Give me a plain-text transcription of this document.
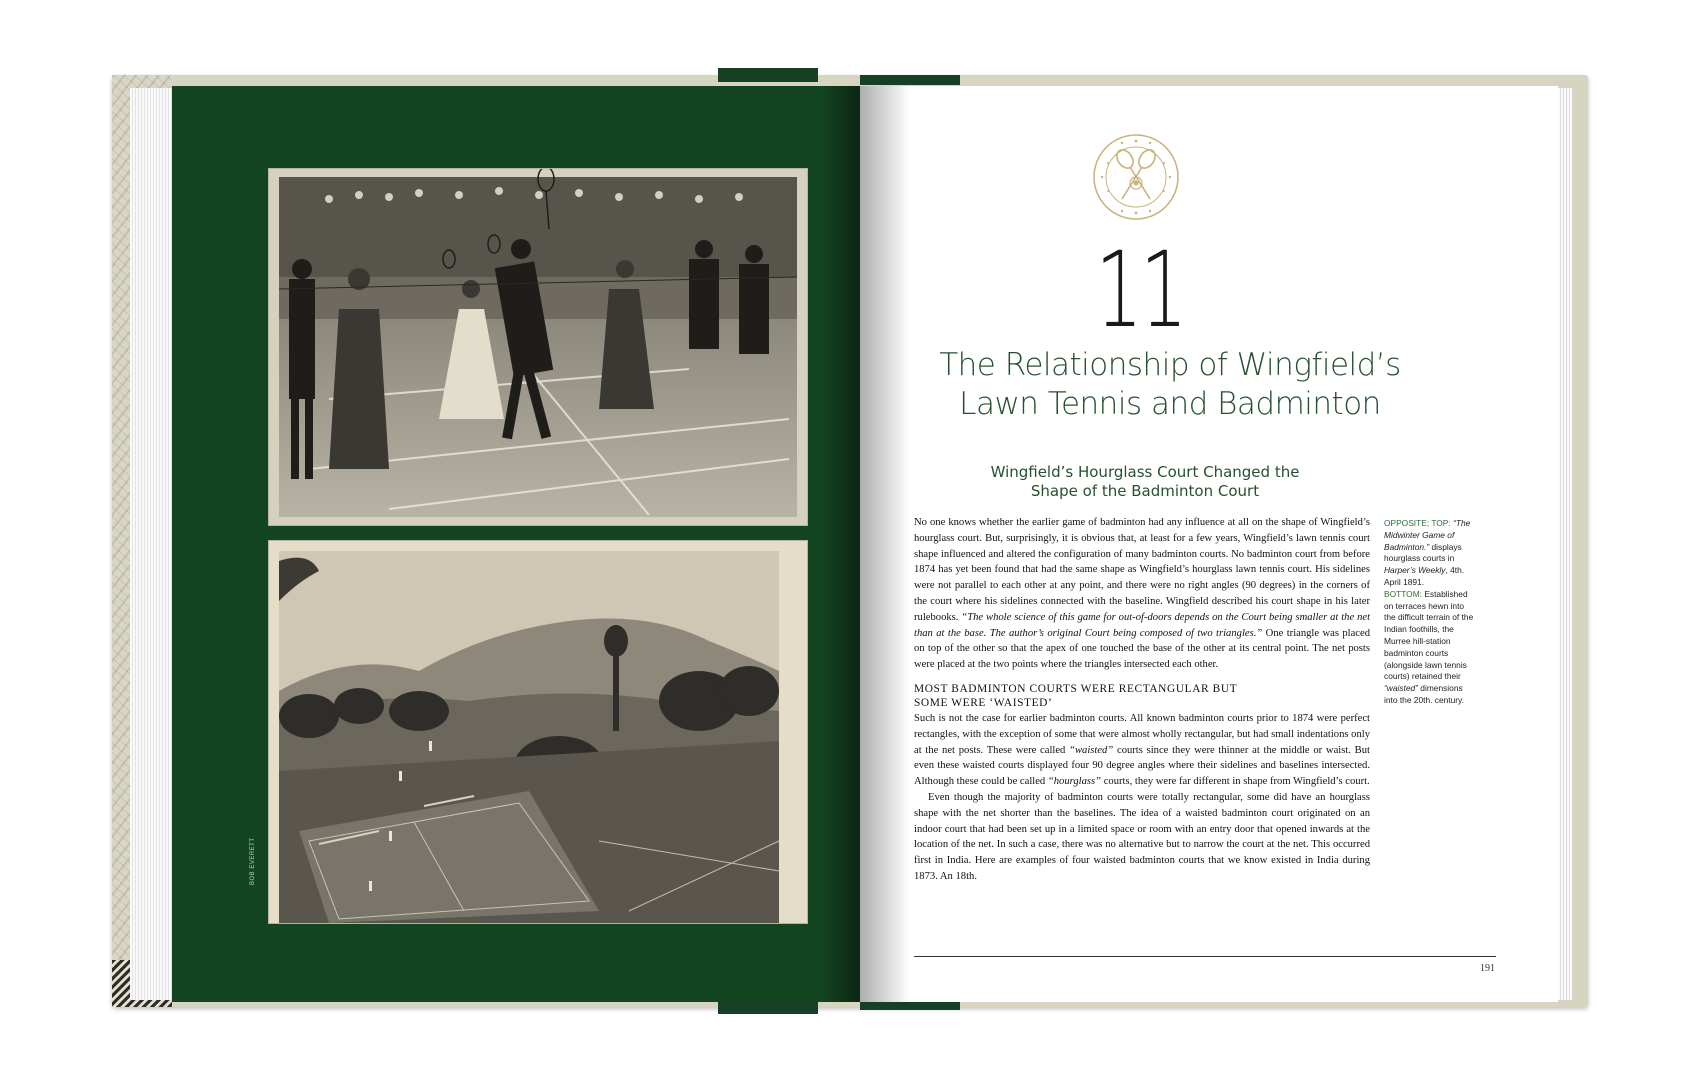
BOB EVERETT
11
The Relationship of Wingfield’s
Lawn Tennis and Badminton
Wingfield’s Hourglass Court Changed the
Shape of the Badminton Court

No one knows whether the earlier game of badminton had any influence at all on the shape of Wingfield’s hourglass court. But, surprisingly, it is obvious that, at least for a few years, Wingfield’s lawn tennis court shape influenced and altered the configuration of many badminton courts. No badminton court from before 1874 has yet been found that had the same shape as Wingfield’s hourglass lawn tennis court. His sidelines were not parallel to each other at any point, and there were no right angles (90 degrees) in the corners of the court where his sidelines connected with the baseline. Wingfield described his court shape in his later rulebooks. “The whole science of this game for out-of-doors depends on the Court being smaller at the net than at the base. The author’s original Court being composed of two triangles.” One triangle was placed on top of the other so that the apex of one touched the base of the other at its central point. The net posts were placed at the two points where the triangles intersected each other.

MOST BADMINTON COURTS WERE RECTANGULAR BUT
SOME WERE ‘WAISTED’

Such is not the case for earlier badminton courts. All known badminton courts prior to 1874 were perfect rectangles, with the exception of some that were almost wholly rectangular, but had small indentations only at the net posts. These were called “waisted” courts since they were thinner at the middle or waist. But even these waisted courts displayed four 90 degree angles where their sidelines and baselines intersected. Although these could be called “hourglass” courts, they were far different in shape from Wingfield’s court.

Even though the majority of badminton courts were totally rectangular, some did have an hourglass shape with the net shorter than the baselines. The idea of a waisted badminton court originated on an indoor court that had been set up in a limited space or room with an entry door that opened inwards at the location of the net. In such a case, there was no alternative but to narrow the court at the net. This occurred first in India. Here are examples of four waisted badminton courts that we know existed in India during 1873. An 18th.

OPPOSITE; TOP: “The Midwinter Game of Badminton.” displays hourglass courts in Harper’s Weekly, 4th. April 1891.
BOTTOM: Established on terraces hewn into the difficult terrain of the Indian foothills, the Murree hill-station badminton courts (alongside lawn tennis courts) retained their “waisted” dimensions into the 20th. century.
191
